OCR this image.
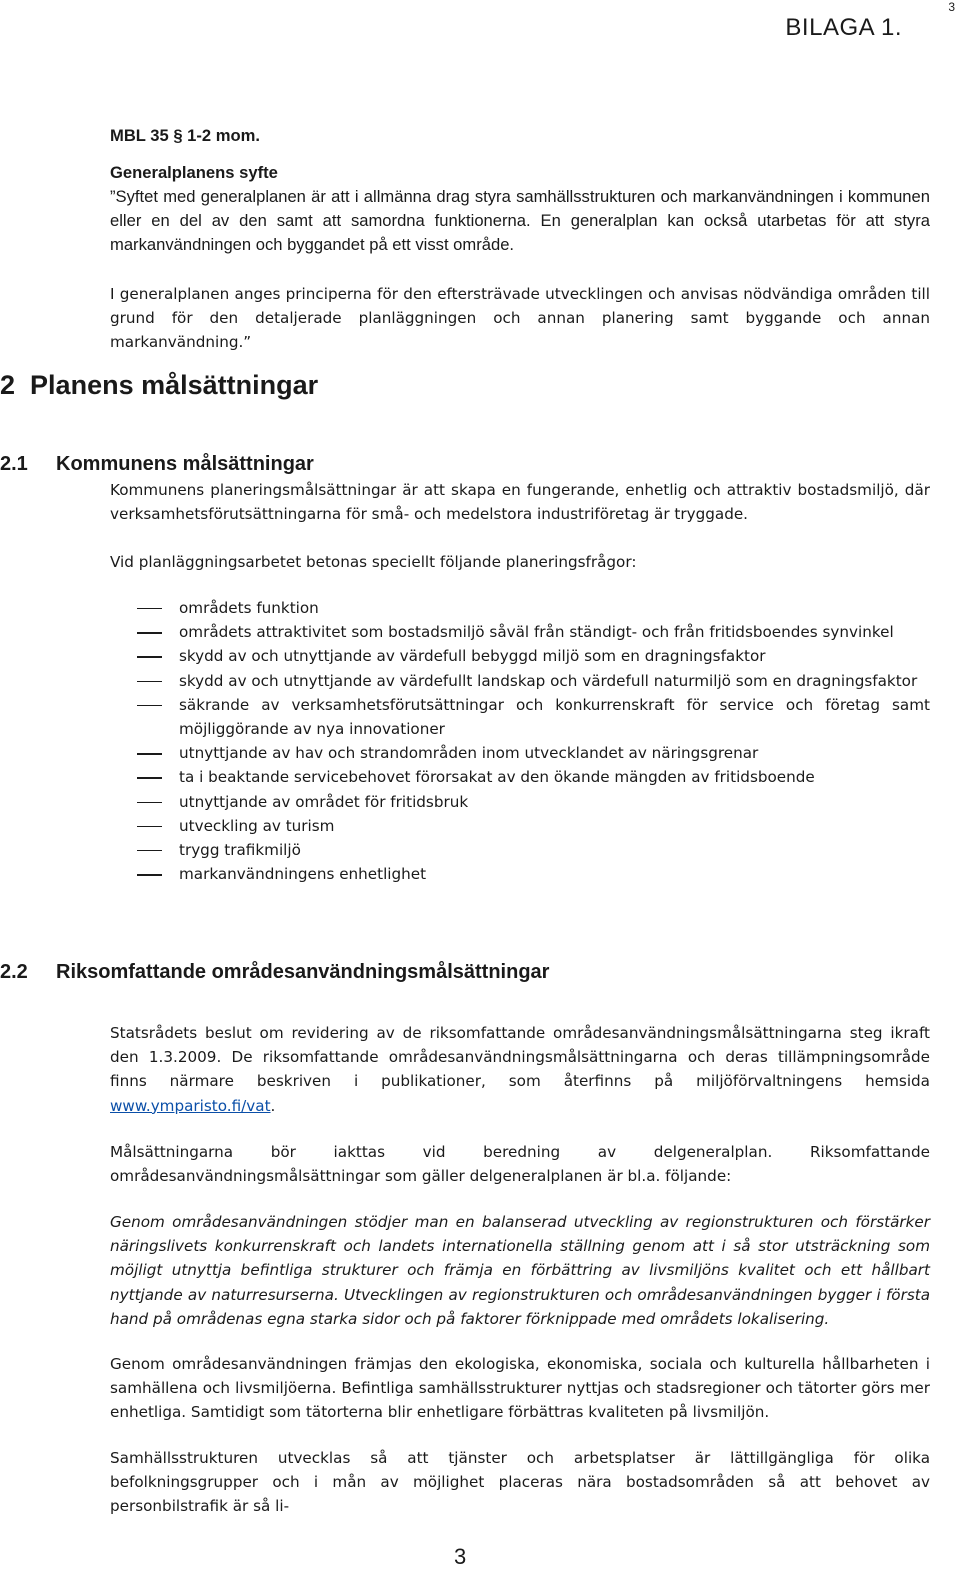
3
BILAGA 1.
MBL 35 § 1-2 mom.
Generalplanens syfte
”Syftet med generalplanen är att i allmänna drag styra samhällsstrukturen och markanvändningen i kommunen eller en del av den samt att samordna funktionerna. En generalplan kan också utarbetas för att styra markanvändningen och byggandet på ett visst område.
I generalplanen anges principerna för den eftersträvade utvecklingen och anvisas nödvändiga områden till grund för den detaljerade planläggningen och annan planering samt byggande och annan markanvändning.”
2 Planens målsättningar
2.1 Kommunens målsättningar
Kommunens planeringsmålsättningar är att skapa en fungerande, enhetlig och attraktiv bostadsmiljö, där verksamhetsförutsättningarna för små- och medelstora industriföretag är tryggade.
Vid planläggningsarbetet betonas speciellt följande planeringsfrågor:
områdets funktion
områdets attraktivitet som bostadsmiljö såväl från ständigt- och från fritidsboendes synvinkel
skydd av och utnyttjande av värdefull bebyggd miljö som en dragningsfaktor
skydd av och utnyttjande av värdefullt landskap och värdefull naturmiljö som en dragningsfaktor
säkrande av verksamhetsförutsättningar och konkurrenskraft för service och företag samt möjliggörande av nya innovationer
utnyttjande av hav och strandområden inom utvecklandet av näringsgrenar
ta i beaktande servicebehovet förorsakat av den ökande mängden av fritidsboende
utnyttjande av området för fritidsbruk
utveckling av turism
trygg trafikmiljö
markanvändningens enhetlighet
2.2 Riksomfattande områdesanvändningsmålsättningar
Statsrådets beslut om revidering av de riksomfattande områdesanvändningsmålsättningarna steg ikraft den 1.3.2009. De riksomfattande områdesanvändningsmålsättningarna och deras tillämpningsområde finns närmare beskriven i publikationer, som återfinns på miljöförvaltningens hemsida www.ymparisto.fi/vat.
Målsättningarna bör iakttas vid beredning av delgeneralplan. Riksomfattande områdesanvändningsmålsättningar som gäller delgeneralplanen är bl.a. följande:
Genom områdesanvändningen stödjer man en balanserad utveckling av regionstrukturen och förstärker näringslivets konkurrenskraft och landets internationella ställning genom att i så stor utsträckning som möjligt utnyttja befintliga strukturer och främja en förbättring av livsmiljöns kvalitet och ett hållbart nyttjande av naturresurserna. Utvecklingen av regionstrukturen och områdesanvändningen bygger i första hand på områdenas egna starka sidor och på faktorer förknippade med områdets lokalisering.
Genom områdesanvändningen främjas den ekologiska, ekonomiska, sociala och kulturella hållbarheten i samhällena och livsmiljöerna. Befintliga samhällsstrukturer nyttjas och stadsregioner och tätorter görs mer enhetliga. Samtidigt som tätorterna blir enhetligare förbättras kvaliteten på livsmiljön.
Samhällsstrukturen utvecklas så att tjänster och arbetsplatser är lättillgängliga för olika befolkningsgrupper och i mån av möjlighet placeras nära bostadsområden så att behovet av personbilstrafik är så li-
3
